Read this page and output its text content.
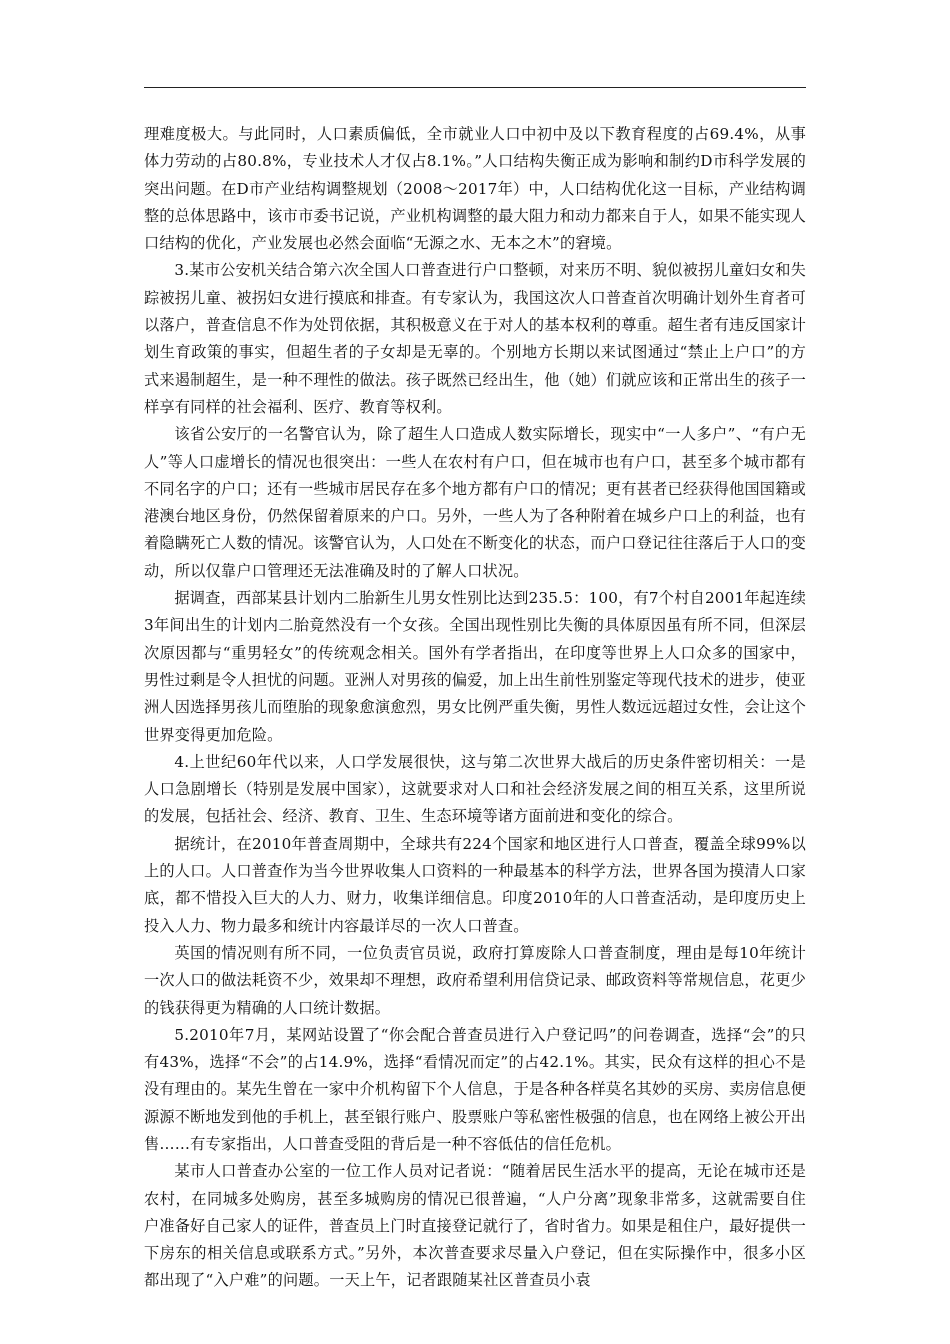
理难度极大。与此同时，人口素质偏低，全市就业人口中初中及以下教育程度的占69.4%，从事体力劳动的占80.8%，专业技术人才仅占8.1%。”人口结构失衡正成为影响和制约D市科学发展的突出问题。在D市产业结构调整规划（2008～2017年）中，人口结构优化这一目标，产业结构调整的总体思路中，该市市委书记说，产业机构调整的最大阻力和动力都来自于人，如果不能实现人口结构的优化，产业发展也必然会面临“无源之水、无本之木”的窘境。

3.某市公安机关结合第六次全国人口普查进行户口整顿，对来历不明、貌似被拐儿童妇女和失踪被拐儿童、被拐妇女进行摸底和排查。有专家认为，我国这次人口普查首次明确计划外生育者可以落户，普查信息不作为处罚依据，其积极意义在于对人的基本权利的尊重。超生者有违反国家计划生育政策的事实，但超生者的子女却是无辜的。个别地方长期以来试图通过“禁止上户口”的方式来遏制超生，是一种不理性的做法。孩子既然已经出生，他（她）们就应该和正常出生的孩子一样享有同样的社会福利、医疗、教育等权利。

该省公安厅的一名警官认为，除了超生人口造成人数实际增长，现实中“一人多户”、“有户无人”等人口虚增长的情况也很突出：一些人在农村有户口，但在城市也有户口，甚至多个城市都有不同名字的户口；还有一些城市居民存在多个地方都有户口的情况；更有甚者已经获得他国国籍或港澳台地区身份，仍然保留着原来的户口。另外，一些人为了各种附着在城乡户口上的利益，也有着隐瞒死亡人数的情况。该警官认为，人口处在不断变化的状态，而户口登记往往落后于人口的变动，所以仅靠户口管理还无法准确及时的了解人口状况。

据调查，西部某县计划内二胎新生儿男女性别比达到235.5：100，有7个村自2001年起连续3年间出生的计划内二胎竟然没有一个女孩。全国出现性别比失衡的具体原因虽有所不同，但深层次原因都与“重男轻女”的传统观念相关。国外有学者指出，在印度等世界上人口众多的国家中，男性过剩是令人担忧的问题。亚洲人对男孩的偏爱，加上出生前性别鉴定等现代技术的进步，使亚洲人因选择男孩儿而堕胎的现象愈演愈烈，男女比例严重失衡，男性人数远远超过女性，会让这个世界变得更加危险。

4.上世纪60年代以来，人口学发展很快，这与第二次世界大战后的历史条件密切相关：一是人口急剧增长（特别是发展中国家），这就要求对人口和社会经济发展之间的相互关系，这里所说的发展，包括社会、经济、教育、卫生、生态环境等诸方面前进和变化的综合。

据统计，在2010年普查周期中，全球共有224个国家和地区进行人口普查，覆盖全球99%以上的人口。人口普查作为当今世界收集人口资料的一种最基本的科学方法，世界各国为摸清人口家底，都不惜投入巨大的人力、财力，收集详细信息。印度2010年的人口普查活动，是印度历史上投入人力、物力最多和统计内容最详尽的一次人口普查。

英国的情况则有所不同，一位负责官员说，政府打算废除人口普查制度，理由是每10年统计一次人口的做法耗资不少，效果却不理想，政府希望利用信贷记录、邮政资料等常规信息，花更少的钱获得更为精确的人口统计数据。

5.2010年7月，某网站设置了“你会配合普查员进行入户登记吗”的问卷调查，选择“会”的只有43%，选择“不会”的占14.9%，选择“看情况而定”的占42.1%。其实，民众有这样的担心不是没有理由的。某先生曾在一家中介机构留下个人信息，于是各种各样莫名其妙的买房、卖房信息便源源不断地发到他的手机上，甚至银行账户、股票账户等私密性极强的信息，也在网络上被公开出售……有专家指出，人口普查受阻的背后是一种不容低估的信任危机。

某市人口普查办公室的一位工作人员对记者说：“随着居民生活水平的提高，无论在城市还是农村，在同城多处购房，甚至多城购房的情况已很普遍，“人户分离”现象非常多，这就需要自住户准备好自己家人的证件，普查员上门时直接登记就行了，省时省力。如果是租住户，最好提供一下房东的相关信息或联系方式。”另外，本次普查要求尽量入户登记，但在实际操作中，很多小区都出现了“入户难”的问题。一天上午，记者跟随某社区普查员小袁
